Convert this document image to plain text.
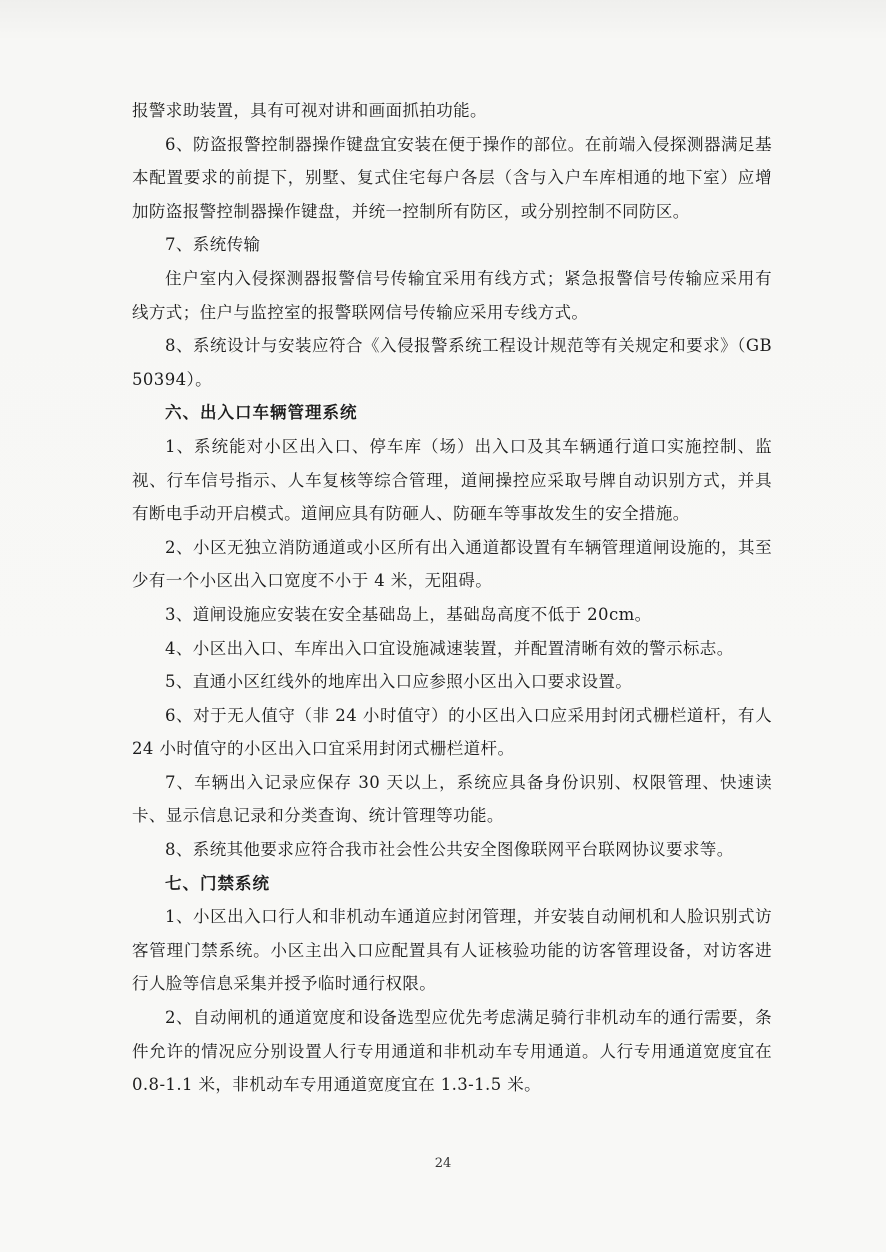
报警求助装置，具有可视对讲和画面抓拍功能。

6、防盗报警控制器操作键盘宜安装在便于操作的部位。在前端入侵探测器满足基本配置要求的前提下，别墅、复式住宅每户各层（含与入户车库相通的地下室）应增加防盗报警控制器操作键盘，并统一控制所有防区，或分别控制不同防区。

7、系统传输

住户室内入侵探测器报警信号传输宜采用有线方式；紧急报警信号传输应采用有线方式；住户与监控室的报警联网信号传输应采用专线方式。

8、系统设计与安装应符合《入侵报警系统工程设计规范等有关规定和要求》（GB 50394）。

六、出入口车辆管理系统

1、系统能对小区出入口、停车库（场）出入口及其车辆通行道口实施控制、监视、行车信号指示、人车复核等综合管理，道闸操控应采取号牌自动识别方式，并具有断电手动开启模式。道闸应具有防砸人、防砸车等事故发生的安全措施。

2、小区无独立消防通道或小区所有出入通道都设置有车辆管理道闸设施的，其至少有一个小区出入口宽度不小于 4 米，无阻碍。

3、道闸设施应安装在安全基础岛上，基础岛高度不低于 20cm。

4、小区出入口、车库出入口宜设施减速装置，并配置清晰有效的警示标志。

5、直通小区红线外的地库出入口应参照小区出入口要求设置。

6、对于无人值守（非 24 小时值守）的小区出入口应采用封闭式栅栏道杆，有人 24 小时值守的小区出入口宜采用封闭式栅栏道杆。

7、车辆出入记录应保存 30 天以上，系统应具备身份识别、权限管理、快速读卡、显示信息记录和分类查询、统计管理等功能。

8、系统其他要求应符合我市社会性公共安全图像联网平台联网协议要求等。

七、门禁系统

1、小区出入口行人和非机动车通道应封闭管理，并安装自动闸机和人脸识别式访客管理门禁系统。小区主出入口应配置具有人证核验功能的访客管理设备，对访客进行人脸等信息采集并授予临时通行权限。

2、自动闸机的通道宽度和设备选型应优先考虑满足骑行非机动车的通行需要，条件允许的情况应分别设置人行专用通道和非机动车专用通道。人行专用通道宽度宜在 0.8-1.1 米，非机动车专用通道宽度宜在 1.3-1.5 米。

24
